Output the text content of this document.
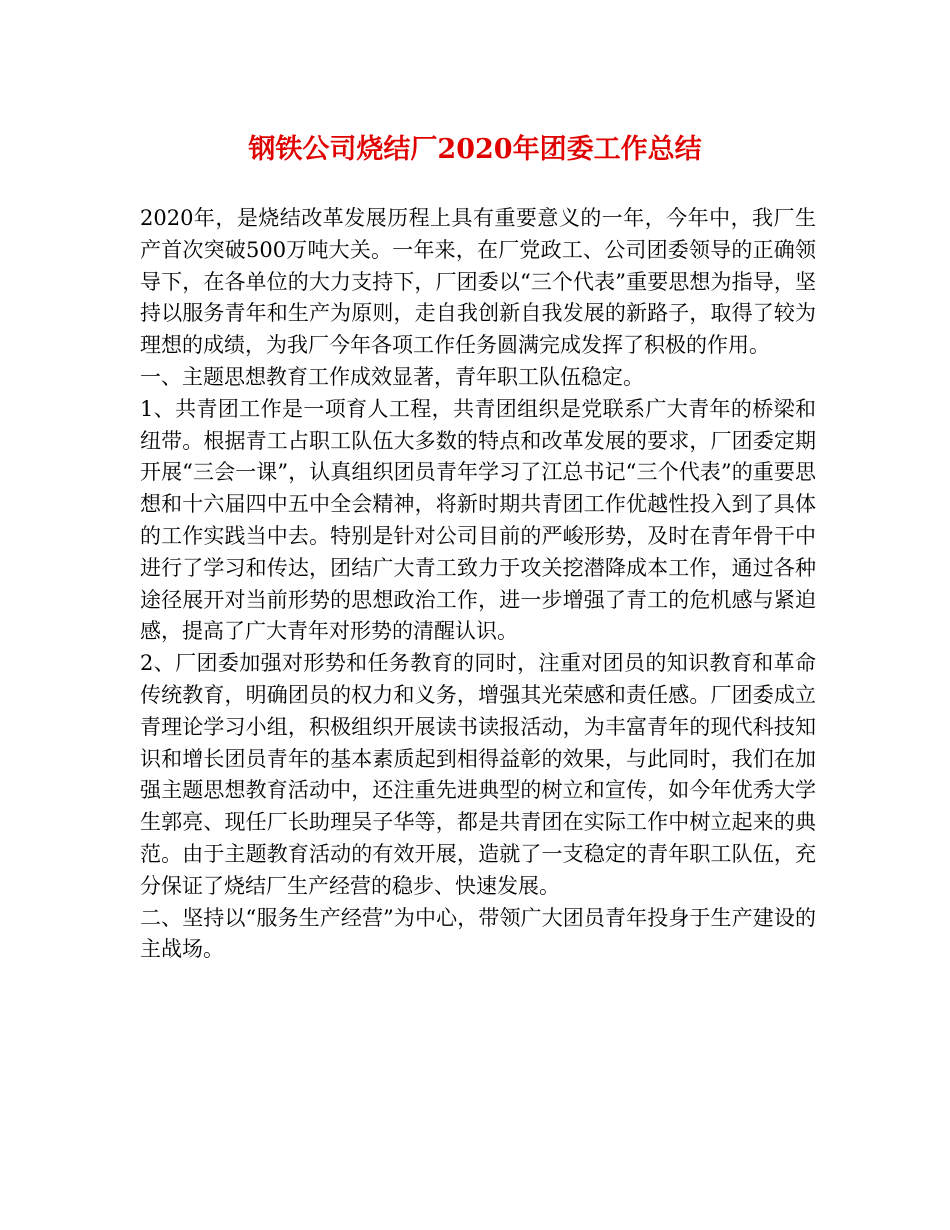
钢铁公司烧结厂2020年团委工作总结

2020年，是烧结改革发展历程上具有重要意义的一年，今年中，我厂生产首次突破500万吨大关。一年来，在厂党政工、公司团委领导的正确领导下，在各单位的大力支持下，厂团委以“三个代表”重要思想为指导，坚持以服务青年和生产为原则，走自我创新自我发展的新路子，取得了较为理想的成绩，为我厂今年各项工作任务圆满完成发挥了积极的作用。

一、主题思想教育工作成效显著，青年职工队伍稳定。

1、共青团工作是一项育人工程，共青团组织是党联系广大青年的桥梁和纽带。根据青工占职工队伍大多数的特点和改革发展的要求，厂团委定期开展“三会一课”，认真组织团员青年学习了江总书记“三个代表”的重要思想和十六届四中五中全会精神，将新时期共青团工作优越性投入到了具体的工作实践当中去。特别是针对公司目前的严峻形势，及时在青年骨干中进行了学习和传达，团结广大青工致力于攻关挖潜降成本工作，通过各种途径展开对当前形势的思想政治工作，进一步增强了青工的危机感与紧迫感，提高了广大青年对形势的清醒认识。

2、厂团委加强对形势和任务教育的同时，注重对团员的知识教育和革命传统教育，明确团员的权力和义务，增强其光荣感和责任感。厂团委成立青理论学习小组，积极组织开展读书读报活动，为丰富青年的现代科技知识和增长团员青年的基本素质起到相得益彰的效果，与此同时，我们在加强主题思想教育活动中，还注重先进典型的树立和宣传，如今年优秀大学生郭亮、现任厂长助理吴子华等，都是共青团在实际工作中树立起来的典范。由于主题教育活动的有效开展，造就了一支稳定的青年职工队伍，充分保证了烧结厂生产经营的稳步、快速发展。

二、坚持以“服务生产经营”为中心，带领广大团员青年投身于生产建设的主战场。
